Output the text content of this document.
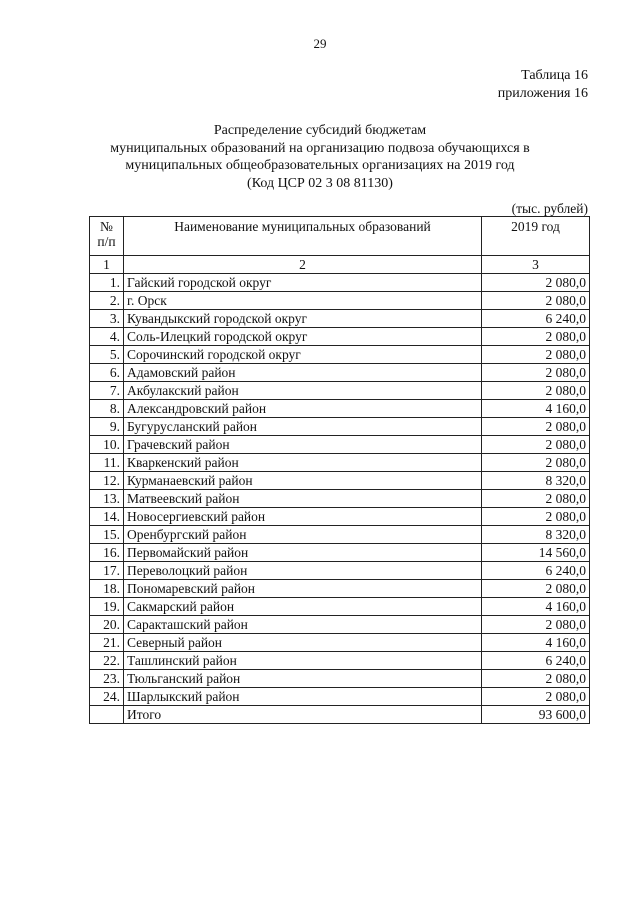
29
Таблица 16
приложения 16
Распределение субсидий бюджетам
муниципальных образований на организацию подвоза обучающихся в
муниципальных общеобразовательных организациях на 2019 год
(Код ЦСР 02 3 08 81130)
(тыс. рублей)
№
п/п	Наименование муниципальных образований	2019 год
1	2	3
1.	Гайский городской округ	2 080,0
2.	г. Орск	2 080,0
3.	Кувандыкский городской округ	6 240,0
4.	Соль-Илецкий городской округ	2 080,0
5.	Сорочинский городской округ	2 080,0
6.	Адамовский район	2 080,0
7.	Акбулакский район	2 080,0
8.	Александровский район	4 160,0
9.	Бугурусланский район	2 080,0
10.	Грачевский район	2 080,0
11.	Кваркенский район	2 080,0
12.	Курманаевский район	8 320,0
13.	Матвеевский район	2 080,0
14.	Новосергиевский район	2 080,0
15.	Оренбургский район	8 320,0
16.	Первомайский район	14 560,0
17.	Переволоцкий район	6 240,0
18.	Пономаревский район	2 080,0
19.	Сакмарский район	4 160,0
20.	Саракташский район	2 080,0
21.	Северный район	4 160,0
22.	Ташлинский район	6 240,0
23.	Тюльганский район	2 080,0
24.	Шарлыкский район	2 080,0
	Итого	93 600,0
